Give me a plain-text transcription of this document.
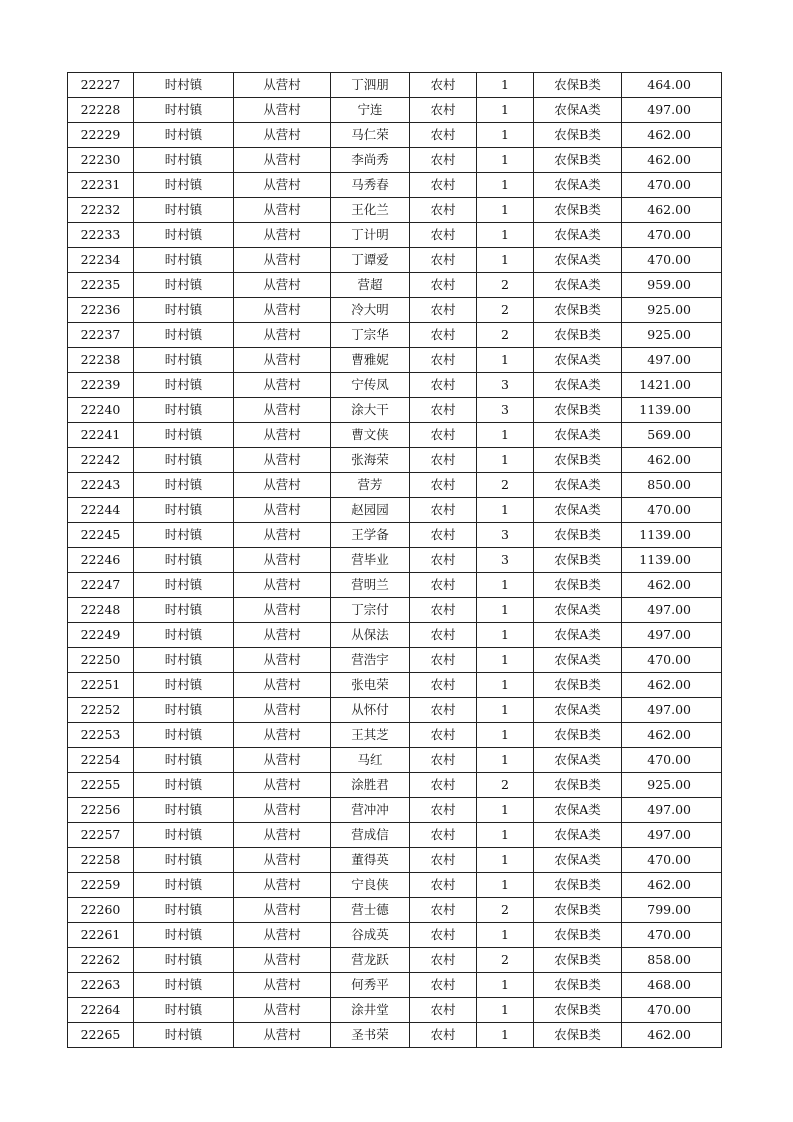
22227	时村镇	从营村	丁泗朋	农村	1	农保B类	464.00
22228	时村镇	从营村	宁连	农村	1	农保A类	497.00
22229	时村镇	从营村	马仁荣	农村	1	农保B类	462.00
22230	时村镇	从营村	李尚秀	农村	1	农保B类	462.00
22231	时村镇	从营村	马秀春	农村	1	农保A类	470.00
22232	时村镇	从营村	王化兰	农村	1	农保B类	462.00
22233	时村镇	从营村	丁计明	农村	1	农保A类	470.00
22234	时村镇	从营村	丁谭爱	农村	1	农保A类	470.00
22235	时村镇	从营村	营超	农村	2	农保A类	959.00
22236	时村镇	从营村	冷大明	农村	2	农保B类	925.00
22237	时村镇	从营村	丁宗华	农村	2	农保B类	925.00
22238	时村镇	从营村	曹雅妮	农村	1	农保A类	497.00
22239	时村镇	从营村	宁传凤	农村	3	农保A类	1421.00
22240	时村镇	从营村	涂大干	农村	3	农保B类	1139.00
22241	时村镇	从营村	曹文侠	农村	1	农保A类	569.00
22242	时村镇	从营村	张海荣	农村	1	农保B类	462.00
22243	时村镇	从营村	营芳	农村	2	农保A类	850.00
22244	时村镇	从营村	赵园园	农村	1	农保A类	470.00
22245	时村镇	从营村	王学备	农村	3	农保B类	1139.00
22246	时村镇	从营村	营毕业	农村	3	农保B类	1139.00
22247	时村镇	从营村	营明兰	农村	1	农保B类	462.00
22248	时村镇	从营村	丁宗付	农村	1	农保A类	497.00
22249	时村镇	从营村	从保法	农村	1	农保A类	497.00
22250	时村镇	从营村	营浩宇	农村	1	农保A类	470.00
22251	时村镇	从营村	张电荣	农村	1	农保B类	462.00
22252	时村镇	从营村	从怀付	农村	1	农保A类	497.00
22253	时村镇	从营村	王其芝	农村	1	农保B类	462.00
22254	时村镇	从营村	马红	农村	1	农保A类	470.00
22255	时村镇	从营村	涂胜君	农村	2	农保B类	925.00
22256	时村镇	从营村	营冲冲	农村	1	农保A类	497.00
22257	时村镇	从营村	营成信	农村	1	农保A类	497.00
22258	时村镇	从营村	董得英	农村	1	农保A类	470.00
22259	时村镇	从营村	宁良侠	农村	1	农保B类	462.00
22260	时村镇	从营村	营士德	农村	2	农保B类	799.00
22261	时村镇	从营村	谷成英	农村	1	农保B类	470.00
22262	时村镇	从营村	营龙跃	农村	2	农保B类	858.00
22263	时村镇	从营村	何秀平	农村	1	农保B类	468.00
22264	时村镇	从营村	涂井堂	农村	1	农保B类	470.00
22265	时村镇	从营村	圣书荣	农村	1	农保B类	462.00
